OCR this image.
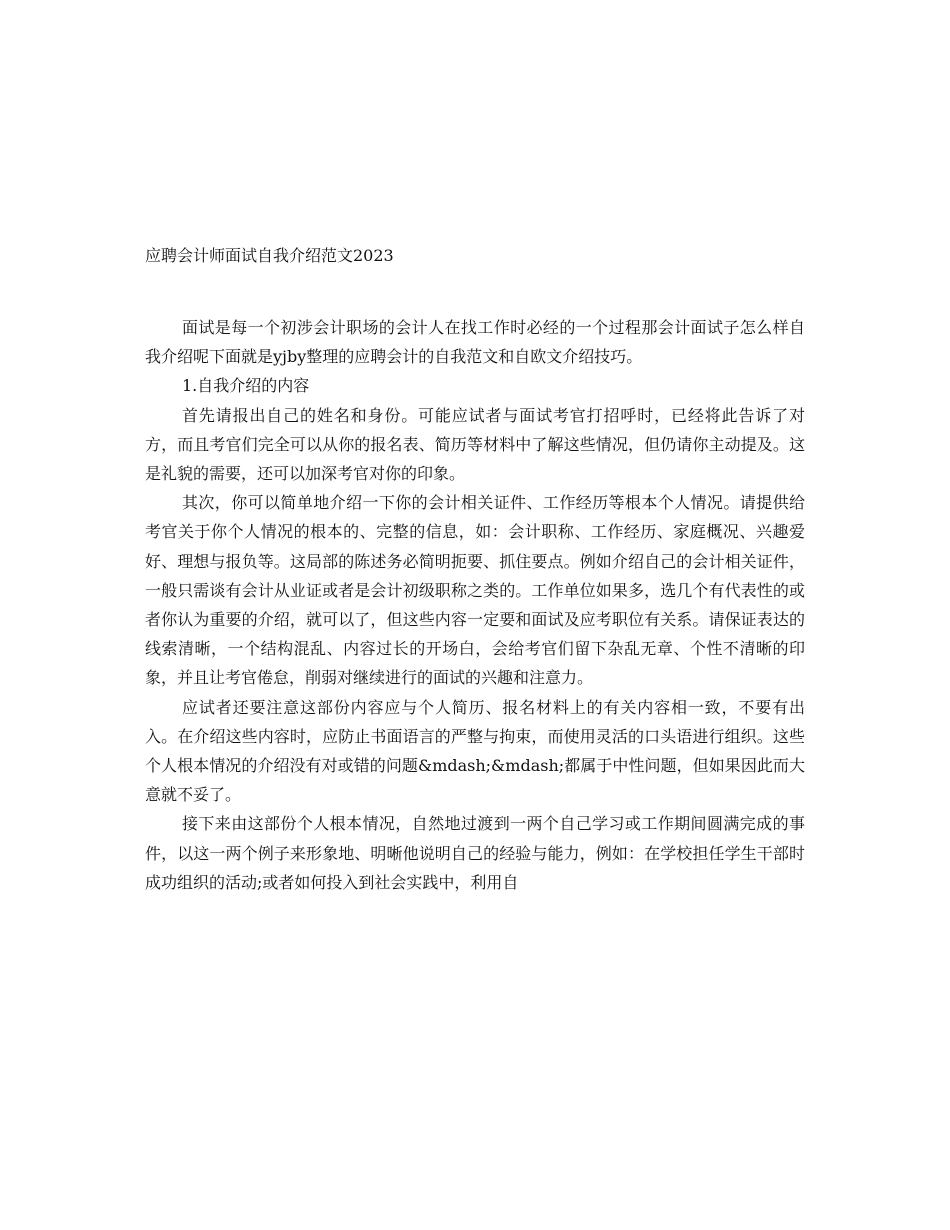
应聘会计师面试自我介绍范文2023

面试是每一个初涉会计职场的会计人在找工作时必经的一个过程那会计面试子怎么样自我介绍呢下面就是yjby整理的应聘会计的自我范文和自欧文介绍技巧。

1.自我介绍的内容

首先请报出自己的姓名和身份。可能应试者与面试考官打招呼时，已经将此告诉了对方，而且考官们完全可以从你的报名表、简历等材料中了解这些情况，但仍请你主动提及。这是礼貌的需要，还可以加深考官对你的印象。

其次，你可以简单地介绍一下你的会计相关证件、工作经历等根本个人情况。请提供给考官关于你个人情况的根本的、完整的信息，如：会计职称、工作经历、家庭概况、兴趣爱好、理想与报负等。这局部的陈述务必简明扼要、抓住要点。例如介绍自己的会计相关证件，一般只需谈有会计从业证或者是会计初级职称之类的。工作单位如果多，选几个有代表性的或者你认为重要的介绍，就可以了，但这些内容一定要和面试及应考职位有关系。请保证表达的线索清晰，一个结构混乱、内容过长的开场白，会给考官们留下杂乱无章、个性不清晰的印象，并且让考官倦怠，削弱对继续进行的面试的兴趣和注意力。

应试者还要注意这部份内容应与个人简历、报名材料上的有关内容相一致，不要有出入。在介绍这些内容时，应防止书面语言的严整与拘束，而使用灵活的口头语进行组织。这些个人根本情况的介绍没有对或错的问题&mdash;&mdash;都属于中性问题，但如果因此而大意就不妥了。

接下来由这部份个人根本情况，自然地过渡到一两个自己学习或工作期间圆满完成的事件，以这一两个例子来形象地、明晰他说明自己的经验与能力，例如：在学校担任学生干部时成功组织的活动;或者如何投入到社会实践中，利用自
